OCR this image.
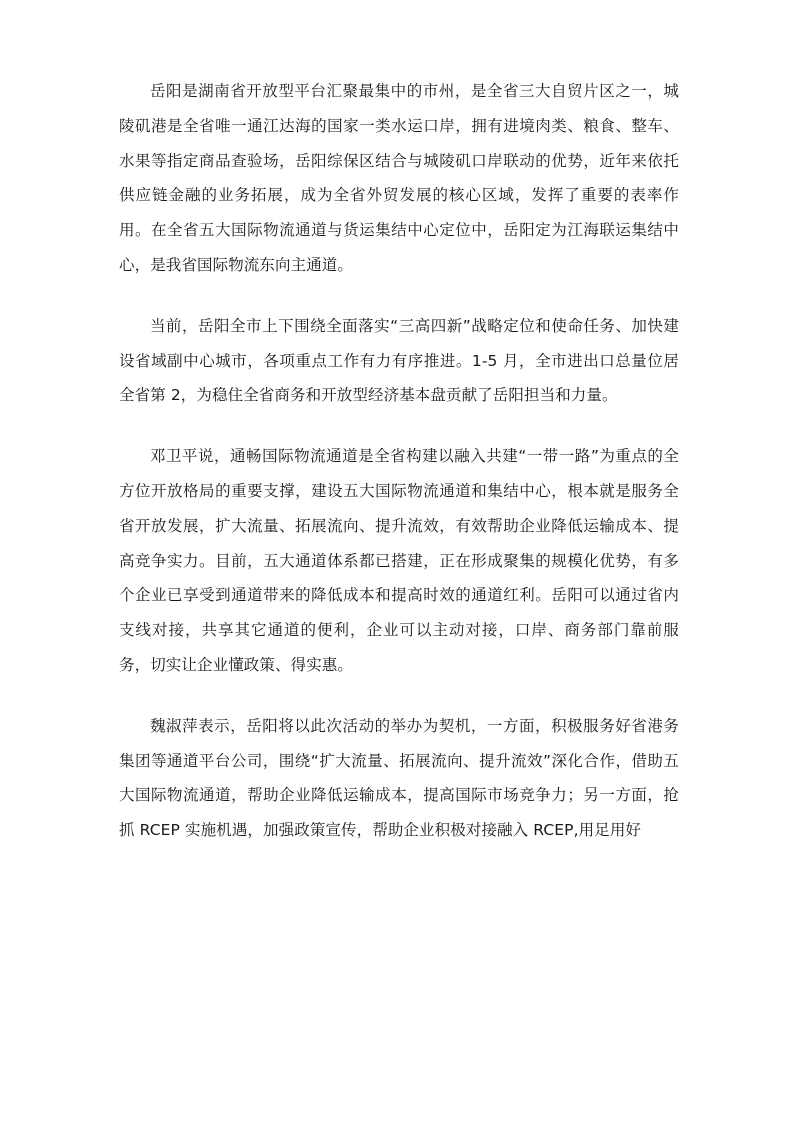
岳阳是湖南省开放型平台汇聚最集中的市州，是全省三大自贸片区之一，城陵矶港是全省唯一通江达海的国家一类水运口岸，拥有进境肉类、粮食、整车、水果等指定商品查验场，岳阳综保区结合与城陵矶口岸联动的优势，近年来依托供应链金融的业务拓展，成为全省外贸发展的核心区域，发挥了重要的表率作用。在全省五大国际物流通道与货运集结中心定位中，岳阳定为江海联运集结中心，是我省国际物流东向主通道。

当前，岳阳全市上下围绕全面落实“三高四新”战略定位和使命任务、加快建设省域副中心城市，各项重点工作有力有序推进。1-5 月，全市进出口总量位居全省第 2，为稳住全省商务和开放型经济基本盘贡献了岳阳担当和力量。

邓卫平说，通畅国际物流通道是全省构建以融入共建“一带一路”为重点的全方位开放格局的重要支撑，建设五大国际物流通道和集结中心，根本就是服务全省开放发展，扩大流量、拓展流向、提升流效，有效帮助企业降低运输成本、提高竞争实力。目前，五大通道体系都已搭建，正在形成聚集的规模化优势，有多个企业已享受到通道带来的降低成本和提高时效的通道红利。岳阳可以通过省内支线对接，共享其它通道的便利，企业可以主动对接，口岸、商务部门靠前服务，切实让企业懂政策、得实惠。

魏淑萍表示，岳阳将以此次活动的举办为契机，一方面，积极服务好省港务集团等通道平台公司，围绕“扩大流量、拓展流向、提升流效”深化合作，借助五大国际物流通道，帮助企业降低运输成本，提高国际市场竞争力；另一方面，抢抓 RCEP 实施机遇，加强政策宣传，帮助企业积极对接融入 RCEP,用足用好
